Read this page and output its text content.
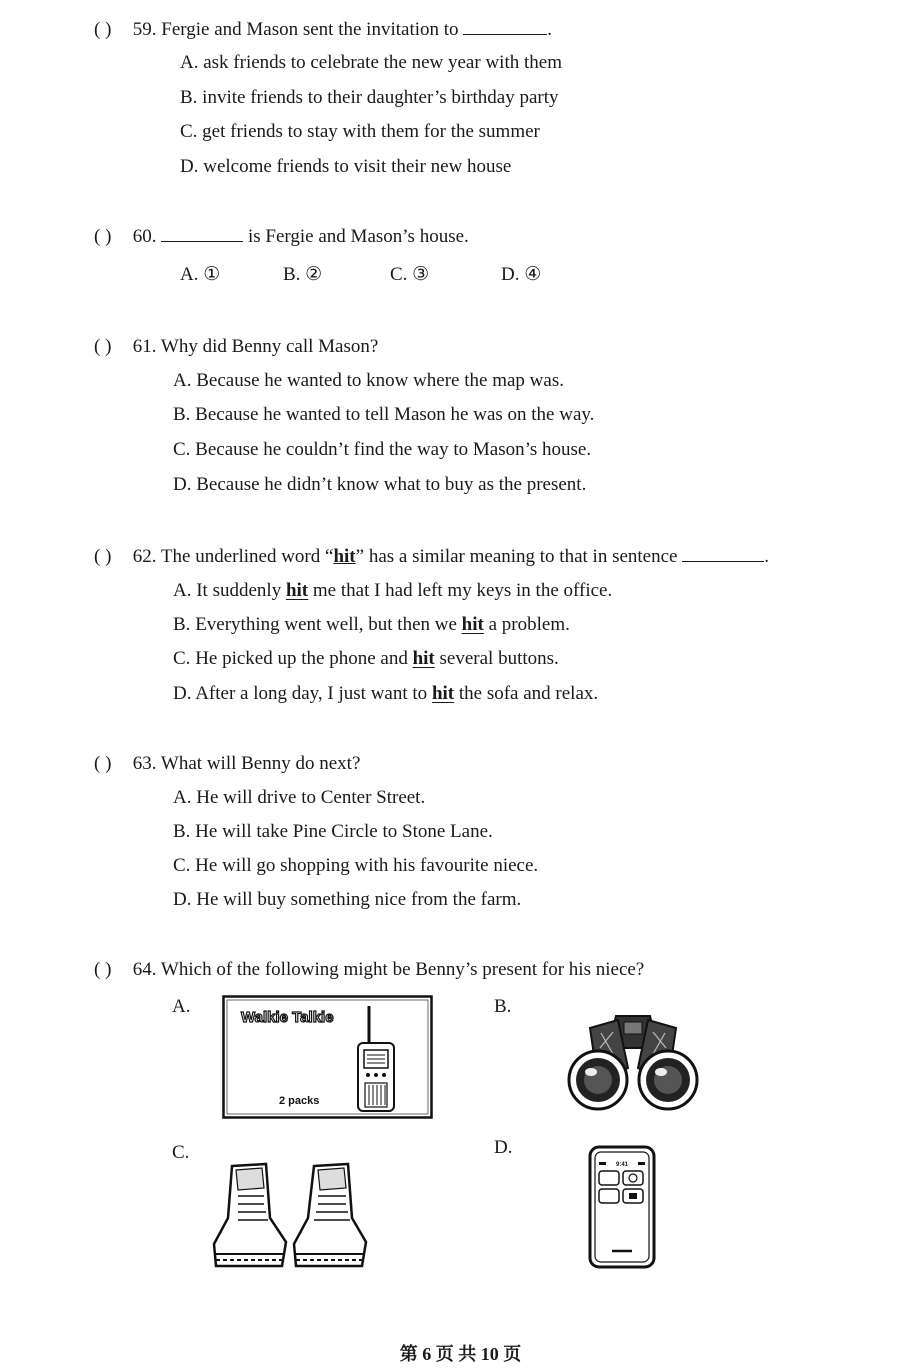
( ) 59. Fergie and Mason sent the invitation to	.
A. ask friends to celebrate the new year with them
B. invite friends to their daughter’s birthday party
C. get friends to stay with them for the summer
D. welcome friends to visit their new house
( ) 60.	is Fergie and Mason’s house.
A. ①	B. ②	C. ③	D. ④
( ) 61. Why did Benny call Mason?
A. Because he wanted to know where the map was.
B. Because he wanted to tell Mason he was on the way.
C. Because he couldn’t find the way to Mason’s house.
D. Because he didn’t know what to buy as the present.
( ) 62. The underlined word “hit” has a similar meaning to that in sentence	.
A. It suddenly hit me that I had left my keys in the office.
B. Everything went well, but then we hit a problem.
C. He picked up the phone and hit several buttons.
D. After a long day, I just want to hit the sofa and relax.
( ) 63. What will Benny do next?
A. He will drive to Center Street.
B. He will take Pine Circle to Stone Lane.
C. He will go shopping with his favourite niece.
D. He will buy something nice from the farm.
( ) 64. Which of the following might be Benny’s present for his niece?
A.	B.
C.	D.
Walkie Talkie
2 packs
9:41
第 6 页 共 10 页
